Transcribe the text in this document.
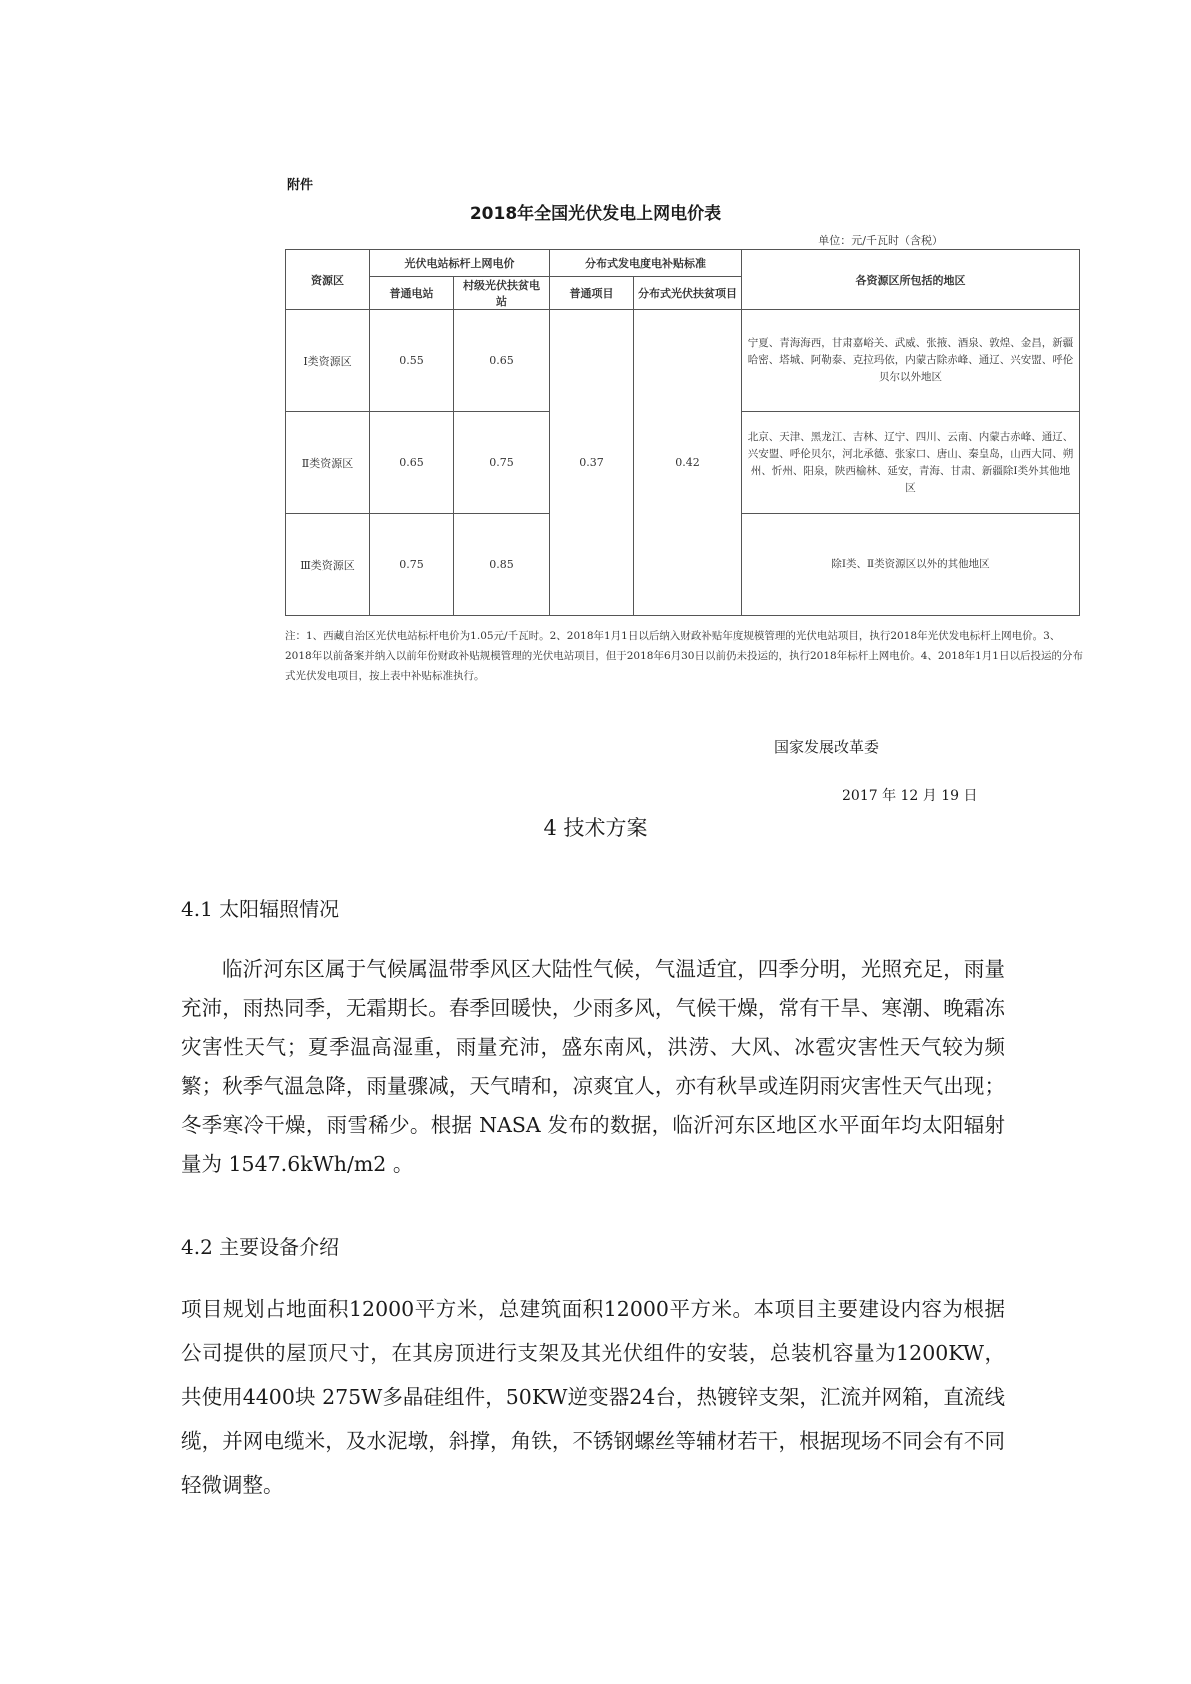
附件
2018年全国光伏发电上网电价表
单位：元/千瓦时（含税）
资源区	光伏电站标杆上网电价		分布式发电度电补贴标准		各资源区所包括的地区
	普通电站	村级光伏扶贫电站	普通项目	分布式光伏扶贫项目	
Ⅰ类资源区	0.55	0.65	0.37	0.42	宁夏、青海海西，甘肃嘉峪关、武威、张掖、酒泉、敦煌、金昌，新疆哈密、塔城、阿勒泰、克拉玛依，内蒙古除赤峰、通辽、兴安盟、呼伦贝尔以外地区
Ⅱ类资源区	0.65	0.75			北京、天津、黑龙江、吉林、辽宁、四川、云南、内蒙古赤峰、通辽、兴安盟、呼伦贝尔，河北承德、张家口、唐山、秦皇岛，山西大同、朔州、忻州、阳泉，陕西榆林、延安，青海、甘肃、新疆除Ⅰ类外其他地区
Ⅲ类资源区	0.75	0.85			除Ⅰ类、Ⅱ类资源区以外的其他地区
注：1、西藏自治区光伏电站标杆电价为1.05元/千瓦时。2、2018年1月1日以后纳入财政补贴年度规模管理的光伏电站项目，执行2018年光伏发电标杆上网电价。3、2018年以前备案并纳入以前年份财政补贴规模管理的光伏电站项目，但于2018年6月30日以前仍未投运的，执行2018年标杆上网电价。4、2018年1月1日以后投运的分布式光伏发电项目，按上表中补贴标准执行。
国家发展改革委
2017 年 12 月 19 日
4 技术方案
4.1 太阳辐照情况
临沂河东区属于气候属温带季风区大陆性气候，气温适宜，四季分明，光照充足，雨量充沛，雨热同季，无霜期长。春季回暖快，少雨多风，气候干燥，常有干旱、寒潮、晚霜冻灾害性天气；夏季温高湿重，雨量充沛，盛东南风，洪涝、大风、冰雹灾害性天气较为频繁；秋季气温急降，雨量骤减，天气晴和，凉爽宜人，亦有秋旱或连阴雨灾害性天气出现；冬季寒冷干燥，雨雪稀少。根据 NASA 发布的数据，临沂河东区地区水平面年均太阳辐射量为 1547.6kWh/m2 。
4.2 主要设备介绍
项目规划占地面积12000平方米，总建筑面积12000平方米。本项目主要建设内容为根据公司提供的屋顶尺寸，在其房顶进行支架及其光伏组件的安装，总装机容量为1200KW，共使用4400块 275W多晶硅组件，50KW逆变器24台，热镀锌支架，汇流并网箱，直流线缆，并网电缆米，及水泥墩，斜撑，角铁，不锈钢螺丝等辅材若干，根据现场不同会有不同轻微调整。
